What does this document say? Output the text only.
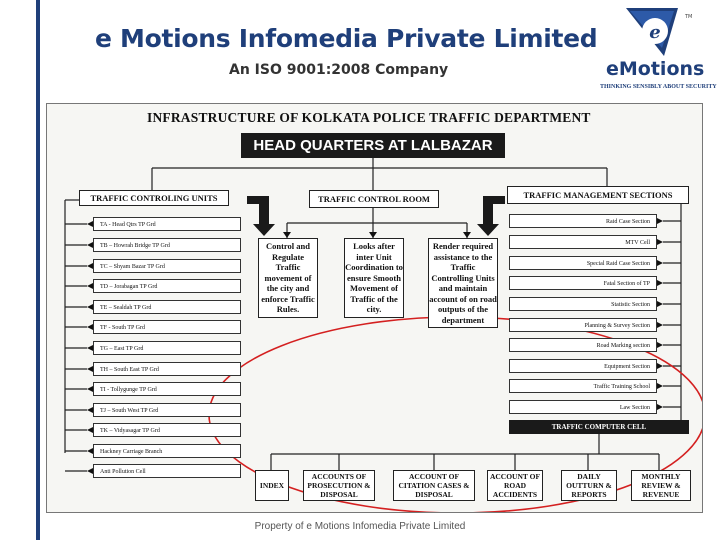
e Motions Infomedia Private Limited
An ISO 9001:2008 Company
e
TM
eMotions
THINKING SENSIBLY ABOUT SECURITY
INFRASTRUCTURE OF KOLKATA POLICE TRAFFIC DEPARTMENT
HEAD QUARTERS AT LALBAZAR
TRAFFIC CONTROLING UNITS	TRAFFIC CONTROL ROOM	TRAFFIC MANAGEMENT SECTIONS
TA - Head Qtrs TP Grd
TB – Howrah Bridge TP Grd
TC – Shyam Bazar TP Grd
TD – Jorabagan TP Grd
TE – Sealdah TP Grd
TF - South TP Grd
TG – East TP Grd
TH – South East TP Grd
TI - Tollygunge TP Grd
TJ – South West TP Grd
TK – Vidyasagar TP Grd
Hackney Carriage Branch
Anti Pollution Cell
Raid Case Section
MTV Cell
Special Raid Case Section
Fatal Section of TP
Statistic Section
Planning & Survey Section
Road Marking section
Equipment Section
Traffic Training School
Law Section
TRAFFIC COMPUTER CELL
Control and Regulate Traffic movement of the city and enforce Traffic Rules.
Looks after inter Unit Coordination to ensure Smooth Movement of Traffic of the city.
Render required assistance to the Traffic Controlling Units and maintain account of on road outputs of the department
INDEX
ACCOUNTS OF PROSECUTION & DISPOSAL
ACCOUNT OF CITATION CASES & DISPOSAL
ACCOUNT OF ROAD ACCIDENTS
DAILY OUTTURN & REPORTS
MONTHLY REVIEW & REVENUE
Property of e Motions Infomedia Private Limited
